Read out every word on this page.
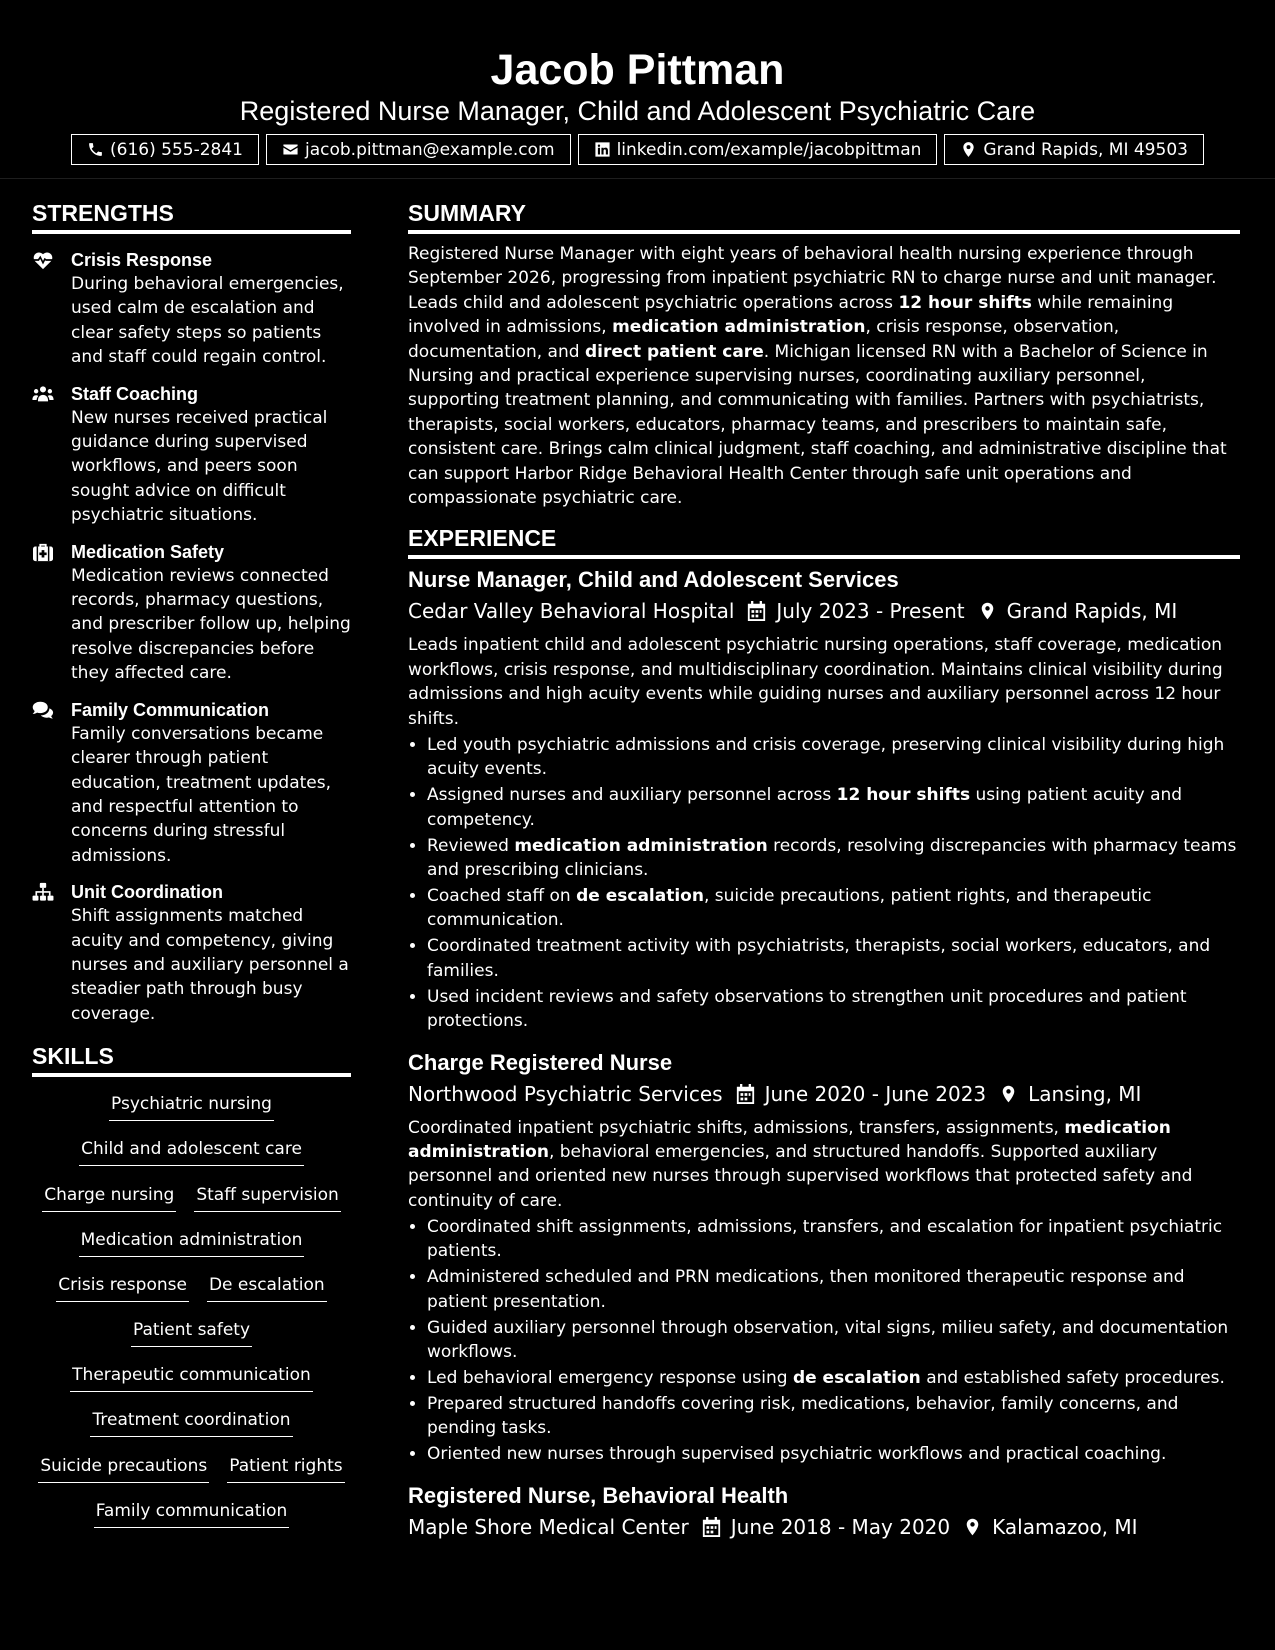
Jacob Pittman
Registered Nurse Manager, Child and Adolescent Psychiatric Care
(616) 555-2841	jacob.pittman@example.com	linkedin.com/example/jacobpittman	Grand Rapids, MI 49503
STRENGTHS
Crisis Response
During behavioral emergencies, used calm de escalation and clear safety steps so patients and staff could regain control.
Staff Coaching
New nurses received practical guidance during supervised workflows, and peers soon sought advice on difficult psychiatric situations.
Medication Safety
Medication reviews connected records, pharmacy questions, and prescriber follow up, helping resolve discrepancies before they affected care.
Family Communication
Family conversations became clearer through patient education, treatment updates, and respectful attention to concerns during stressful admissions.
Unit Coordination
Shift assignments matched acuity and competency, giving nurses and auxiliary personnel a steadier path through busy coverage.
SKILLS
Psychiatric nursing
Child and adolescent care
Charge nursing Staff supervision
Medication administration
Crisis response De escalation
Patient safety
Therapeutic communication
Treatment coordination
Suicide precautions Patient rights
Family communication
SUMMARY

Registered Nurse Manager with eight years of behavioral health nursing experience through September 2026, progressing from inpatient psychiatric RN to charge nurse and unit manager. Leads child and adolescent psychiatric operations across 12 hour shifts while remaining involved in admissions, medication administration, crisis response, observation, documentation, and direct patient care. Michigan licensed RN with a Bachelor of Science in Nursing and practical experience supervising nurses, coordinating auxiliary personnel, supporting treatment planning, and communicating with families. Partners with psychiatrists, therapists, social workers, educators, pharmacy teams, and prescribers to maintain safe, consistent care. Brings calm clinical judgment, staff coaching, and administrative discipline that can support Harbor Ridge Behavioral Health Center through safe unit operations and compassionate psychiatric care.

EXPERIENCE
Nurse Manager, Child and Adolescent Services
Cedar Valley Behavioral Hospital July 2023 - Present Grand Rapids, MI

Leads inpatient child and adolescent psychiatric nursing operations, staff coverage, medication workflows, crisis response, and multidisciplinary coordination. Maintains clinical visibility during admissions and high acuity events while guiding nurses and auxiliary personnel across 12 hour shifts.

• Led youth psychiatric admissions and crisis coverage, preserving clinical visibility during high acuity events.
• Assigned nurses and auxiliary personnel across 12 hour shifts using patient acuity and competency.
• Reviewed medication administration records, resolving discrepancies with pharmacy teams and prescribing clinicians.
• Coached staff on de escalation, suicide precautions, patient rights, and therapeutic communication.
• Coordinated treatment activity with psychiatrists, therapists, social workers, educators, and families.
• Used incident reviews and safety observations to strengthen unit procedures and patient protections.
Charge Registered Nurse
Northwood Psychiatric Services June 2020 - June 2023 Lansing, MI

Coordinated inpatient psychiatric shifts, admissions, transfers, assignments, medication administration, behavioral emergencies, and structured handoffs. Supported auxiliary personnel and oriented new nurses through supervised workflows that protected safety and continuity of care.

• Coordinated shift assignments, admissions, transfers, and escalation for inpatient psychiatric patients.
• Administered scheduled and PRN medications, then monitored therapeutic response and patient presentation.
• Guided auxiliary personnel through observation, vital signs, milieu safety, and documentation workflows.
• Led behavioral emergency response using de escalation and established safety procedures.
• Prepared structured handoffs covering risk, medications, behavior, family concerns, and pending tasks.
• Oriented new nurses through supervised psychiatric workflows and practical coaching.
Registered Nurse, Behavioral Health
Maple Shore Medical Center June 2018 - May 2020 Kalamazoo, MI
